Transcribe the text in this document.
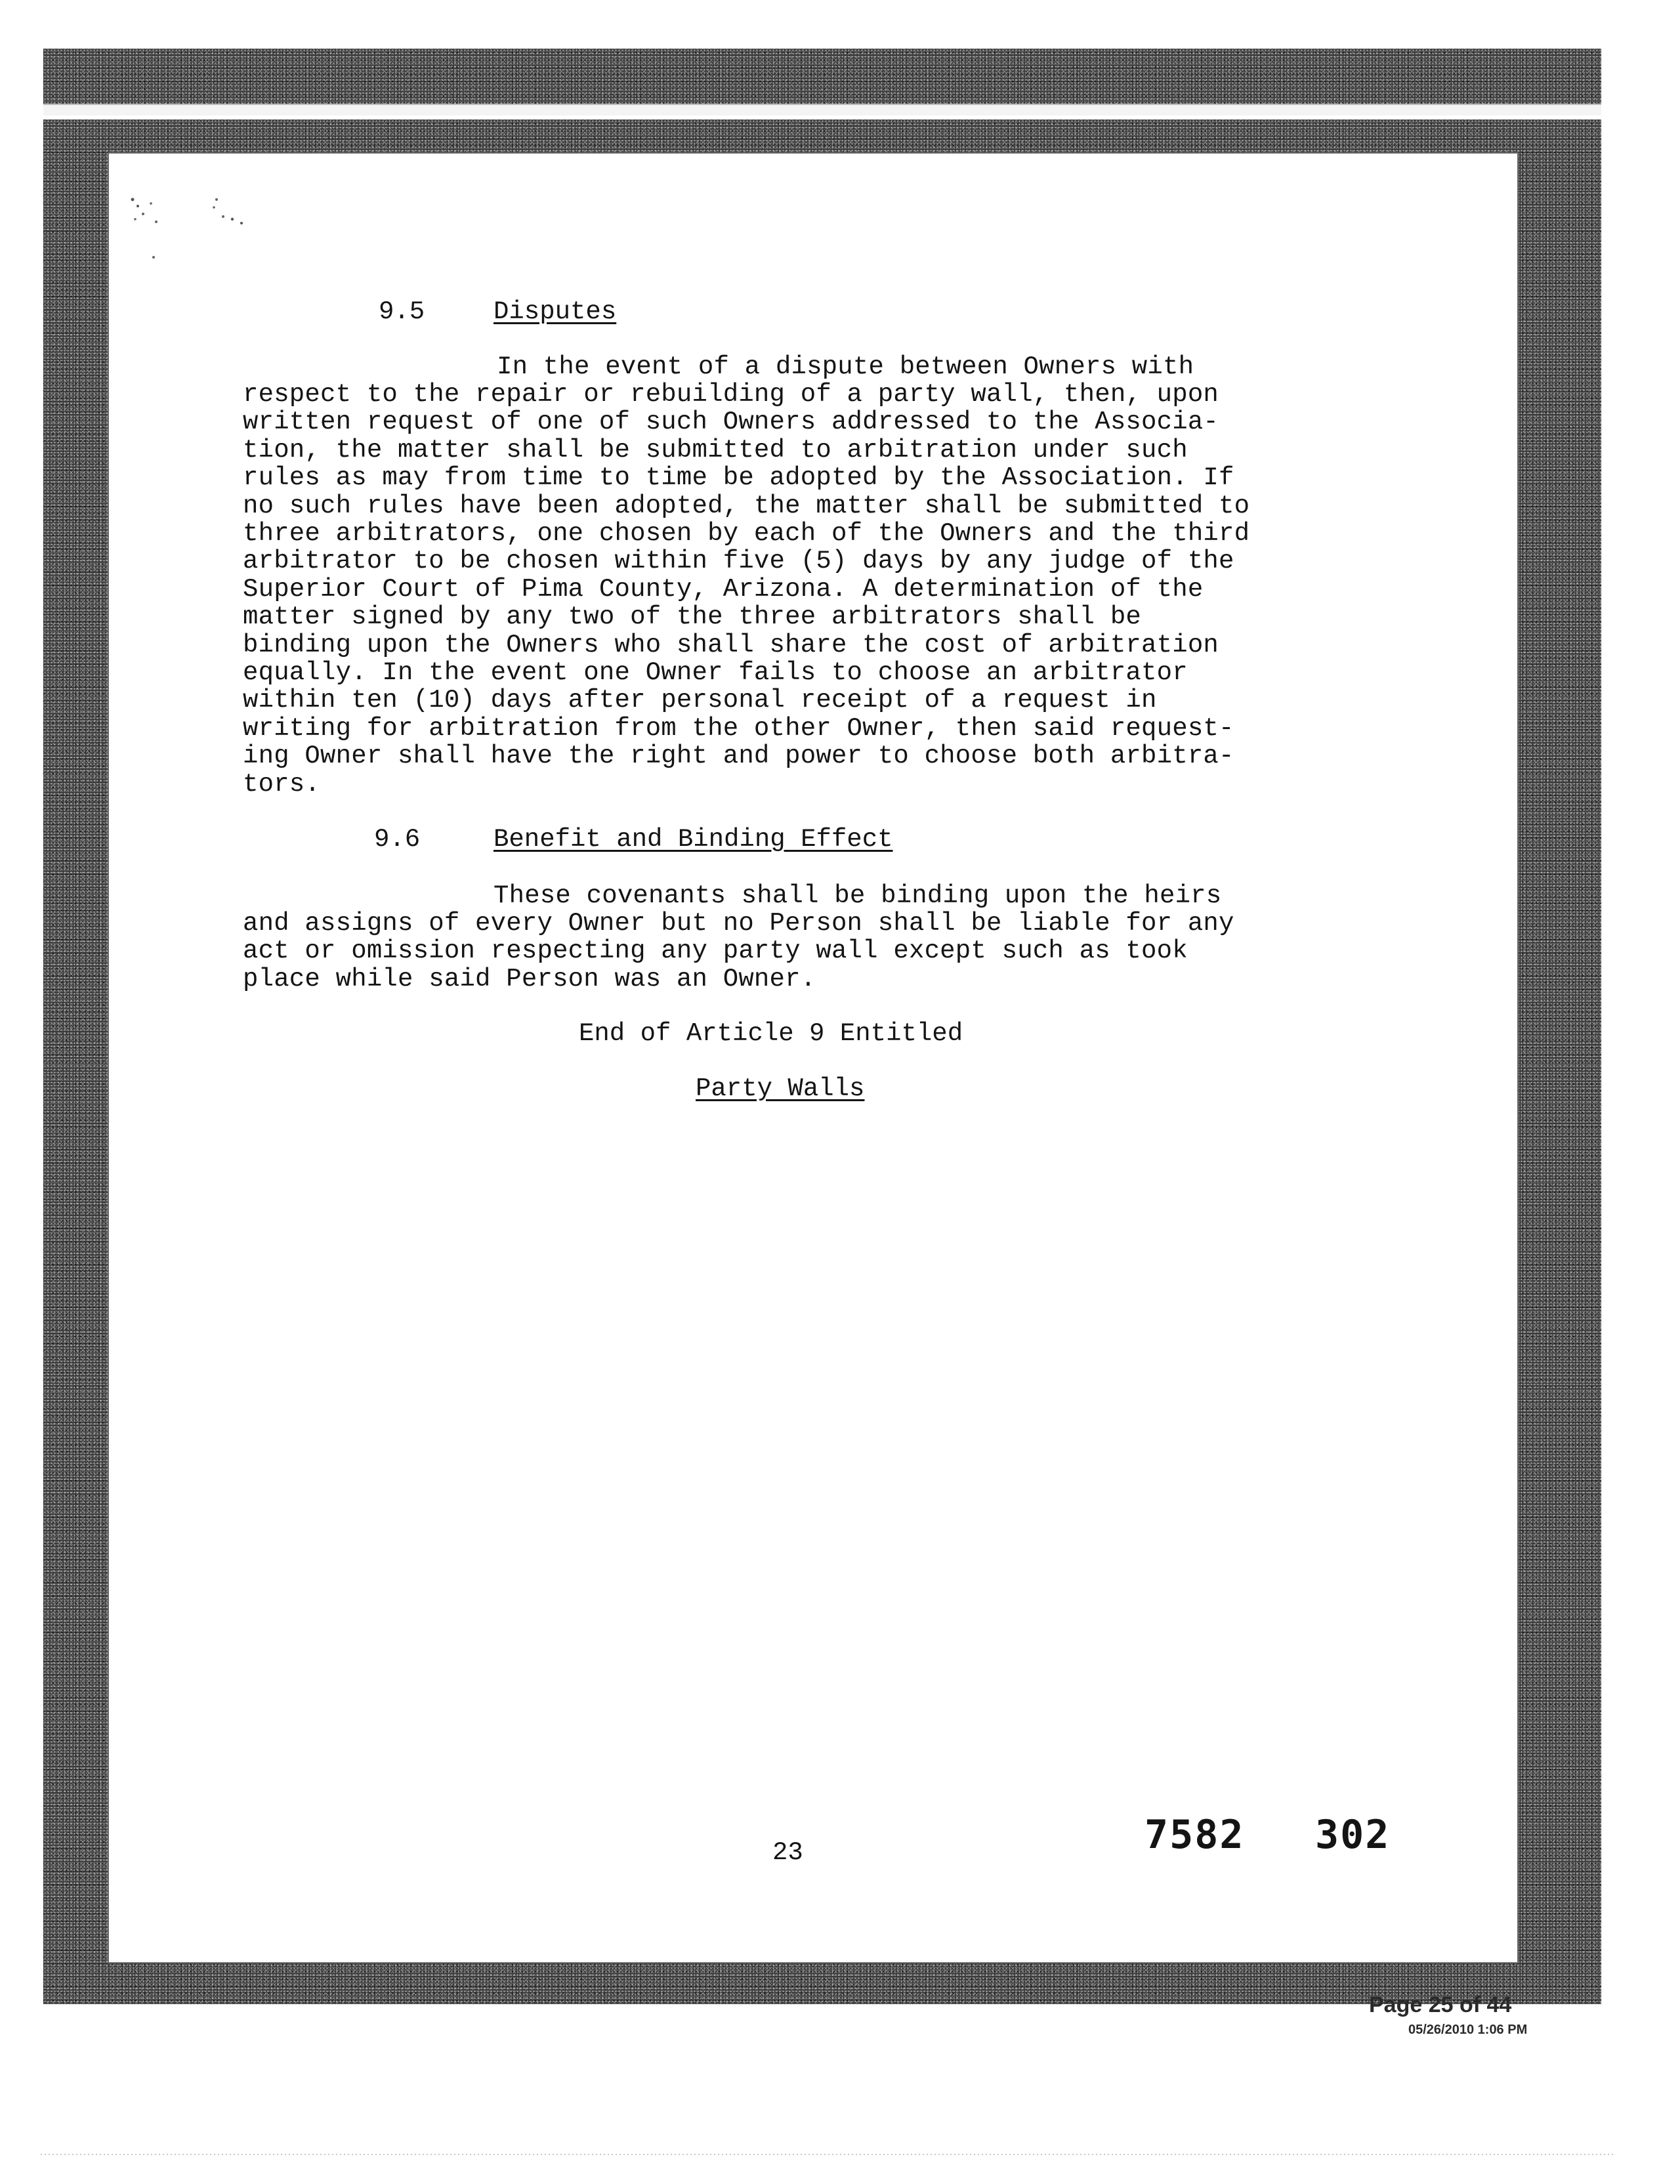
9.5	Disputes
In the event of a dispute between Owners with
respect to the repair or rebuilding of a party wall, then, upon
written request of one of such Owners addressed to the Associa-
tion, the matter shall be submitted to arbitration under such
rules as may from time to time be adopted by the Association. If
no such rules have been adopted, the matter shall be submitted to
three arbitrators, one chosen by each of the Owners and the third
arbitrator to be chosen within five (5) days by any judge of the
Superior Court of Pima County, Arizona. A determination of the
matter signed by any two of the three arbitrators shall be
binding upon the Owners who shall share the cost of arbitration
equally. In the event one Owner fails to choose an arbitrator
within ten (10) days after personal receipt of a request in
writing for arbitration from the other Owner, then said request-
ing Owner shall have the right and power to choose both arbitra-
tors.
9.6	Benefit and Binding Effect
These covenants shall be binding upon the heirs
and assigns of every Owner but no Person shall be liable for any
act or omission respecting any party wall except such as took
place while said Person was an Owner.
End of Article 9 Entitled
Party Walls
23	7582 302
Page 25 of 44
05/26/2010 1:06 PM
